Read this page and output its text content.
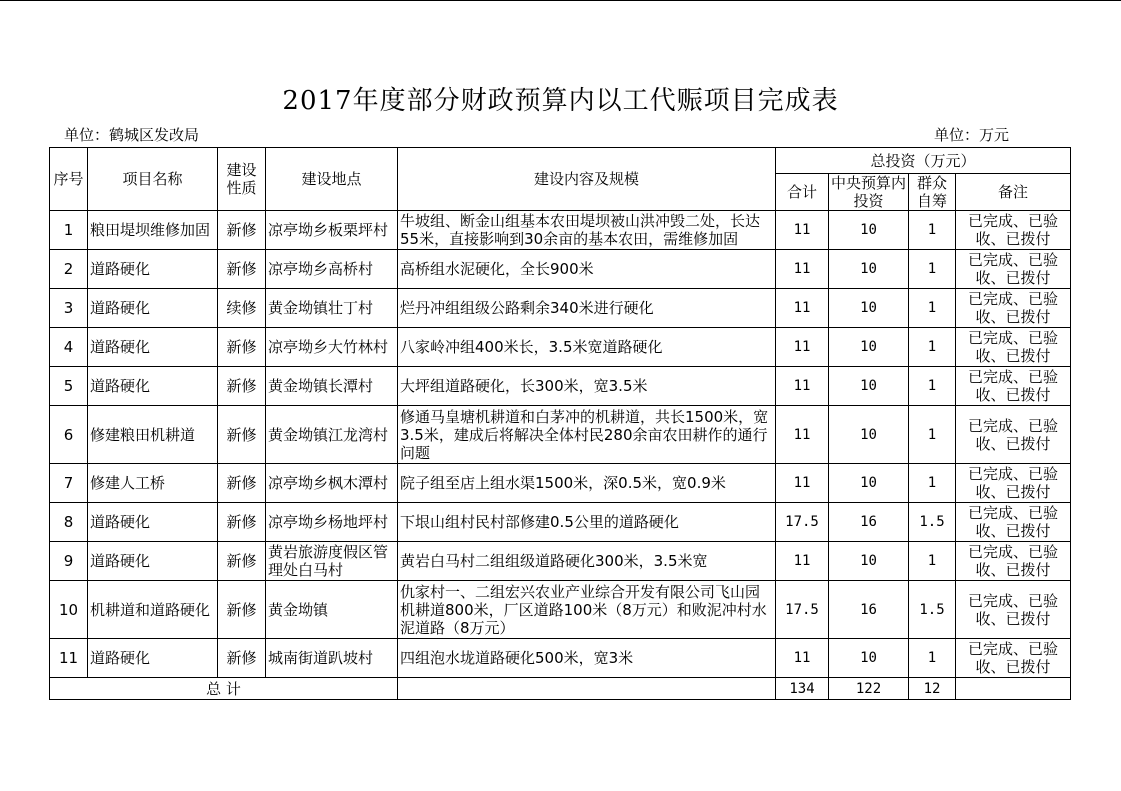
2017年度部分财政预算内以工代赈项目完成表
单位：鹤城区发改局	单位：万元
序号	项目名称	建设性质	建设地点	建设内容及规模	总投资（万元）			
					合计	中央预算内投资	群众自筹	备注
1	粮田堤坝维修加固	新修	凉亭坳乡板栗坪村	牛坡组、断金山组基本农田堤坝被山洪冲毁二处，长达55米，直接影响到30余亩的基本农田，需维修加固	11	10	1	已完成、已验收、已拨付
2	道路硬化	新修	凉亭坳乡高桥村	高桥组水泥硬化，全长900米	11	10	1	已完成、已验收、已拨付
3	道路硬化	续修	黄金坳镇壮丁村	烂丹冲组组级公路剩余340米进行硬化	11	10	1	已完成、已验收、已拨付
4	道路硬化	新修	凉亭坳乡大竹林村	八家岭冲组400米长，3.5米宽道路硬化	11	10	1	已完成、已验收、已拨付
5	道路硬化	新修	黄金坳镇长潭村	大坪组道路硬化，长300米，宽3.5米	11	10	1	已完成、已验收、已拨付
6	修建粮田机耕道	新修	黄金坳镇江龙湾村	修通马皇塘机耕道和白茅冲的机耕道，共长1500米，宽3.5米，建成后将解决全体村民280余亩农田耕作的通行问题	11	10	1	已完成、已验收、已拨付
7	修建人工桥	新修	凉亭坳乡枫木潭村	院子组至店上组水渠1500米，深0.5米，宽0.9米	11	10	1	已完成、已验收、已拨付
8	道路硬化	新修	凉亭坳乡杨地坪村	下垠山组村民村部修建0.5公里的道路硬化	17.5	16	1.5	已完成、已验收、已拨付
9	道路硬化	新修	黄岩旅游度假区管理处白马村	黄岩白马村二组组级道路硬化300米，3.5米宽	11	10	1	已完成、已验收、已拨付
10	机耕道和道路硬化	新修	黄金坳镇	仇家村一、二组宏兴农业产业综合开发有限公司飞山园机耕道800米，厂区道路100米（8万元）和败泥冲村水泥道路（8万元）	17.5	16	1.5	已完成、已验收、已拨付
11	道路硬化	新修	城南街道趴坡村	四组泡水垅道路硬化500米，宽3米	11	10	1	已完成、已验收、已拨付
总 计					134	122	12	
